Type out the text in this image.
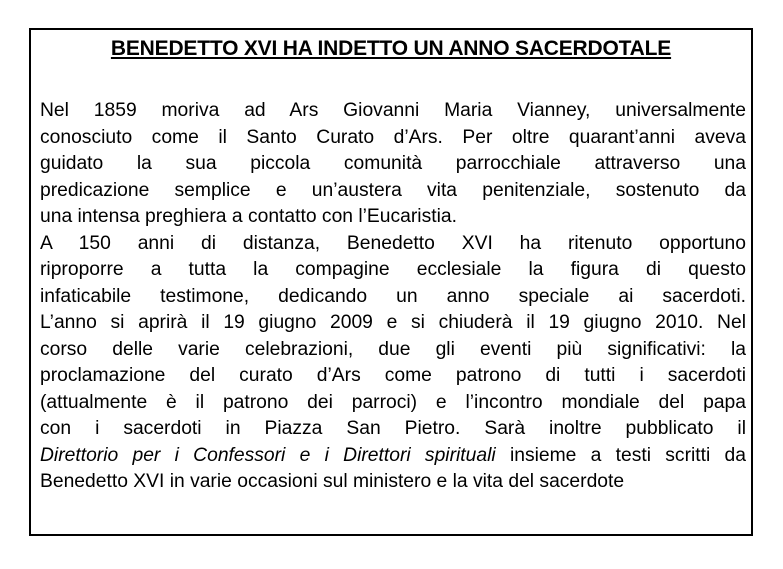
BENEDETTO XVI HA INDETTO UN ANNO SACERDOTALE
Nel 1859 moriva ad Ars Giovanni Maria Vianney, universalmente
conosciuto come il Santo Curato d’Ars. Per oltre quarant’anni aveva
guidato la sua piccola comunità parrocchiale attraverso una
predicazione semplice e un’austera vita penitenziale, sostenuto da
una intensa preghiera a contatto con l’Eucaristia.
A 150 anni di distanza, Benedetto XVI ha ritenuto opportuno
riproporre a tutta la compagine ecclesiale la figura di questo
infaticabile testimone, dedicando un anno speciale ai sacerdoti.
L’anno si aprirà il 19 giugno 2009 e si chiuderà il 19 giugno 2010. Nel
corso delle varie celebrazioni, due gli eventi più significativi: la
proclamazione del curato d’Ars come patrono di tutti i sacerdoti
(attualmente è il patrono dei parroci) e l’incontro mondiale del papa
con i sacerdoti in Piazza San Pietro. Sarà inoltre pubblicato il
Direttorio per i Confessori e i Direttori spirituali insieme a testi scritti da
Benedetto XVI in varie occasioni sul ministero e la vita del sacerdote
